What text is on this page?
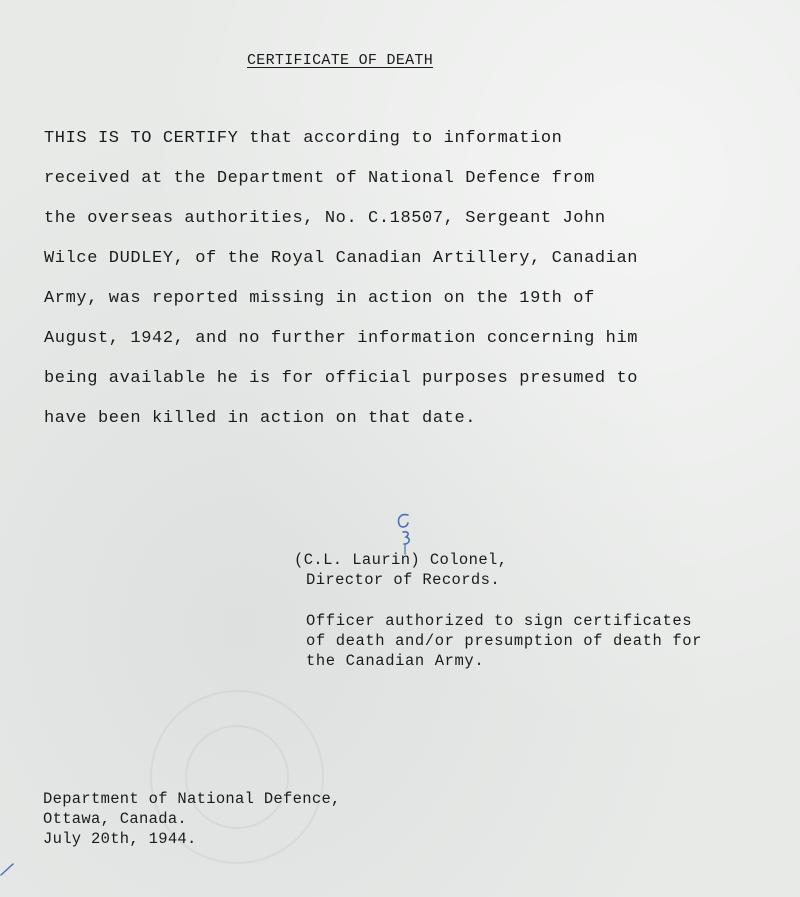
CERTIFICATE OF DEATH
THIS IS TO CERTIFY that according to information
received at the Department of National Defence from
the overseas authorities, No. C.18507, Sergeant John
Wilce DUDLEY, of the Royal Canadian Artillery, Canadian
Army, was reported missing in action on the 19th of
August, 1942, and no further information concerning him
being available he is for official purposes presumed to
have been killed in action on that date.
(C.L. Laurin) Colonel,
Director of Records.
Officer authorized to sign certificates
of death and/or presumption of death for
the Canadian Army.
Department of National Defence,
Ottawa, Canada.
July 20th, 1944.
